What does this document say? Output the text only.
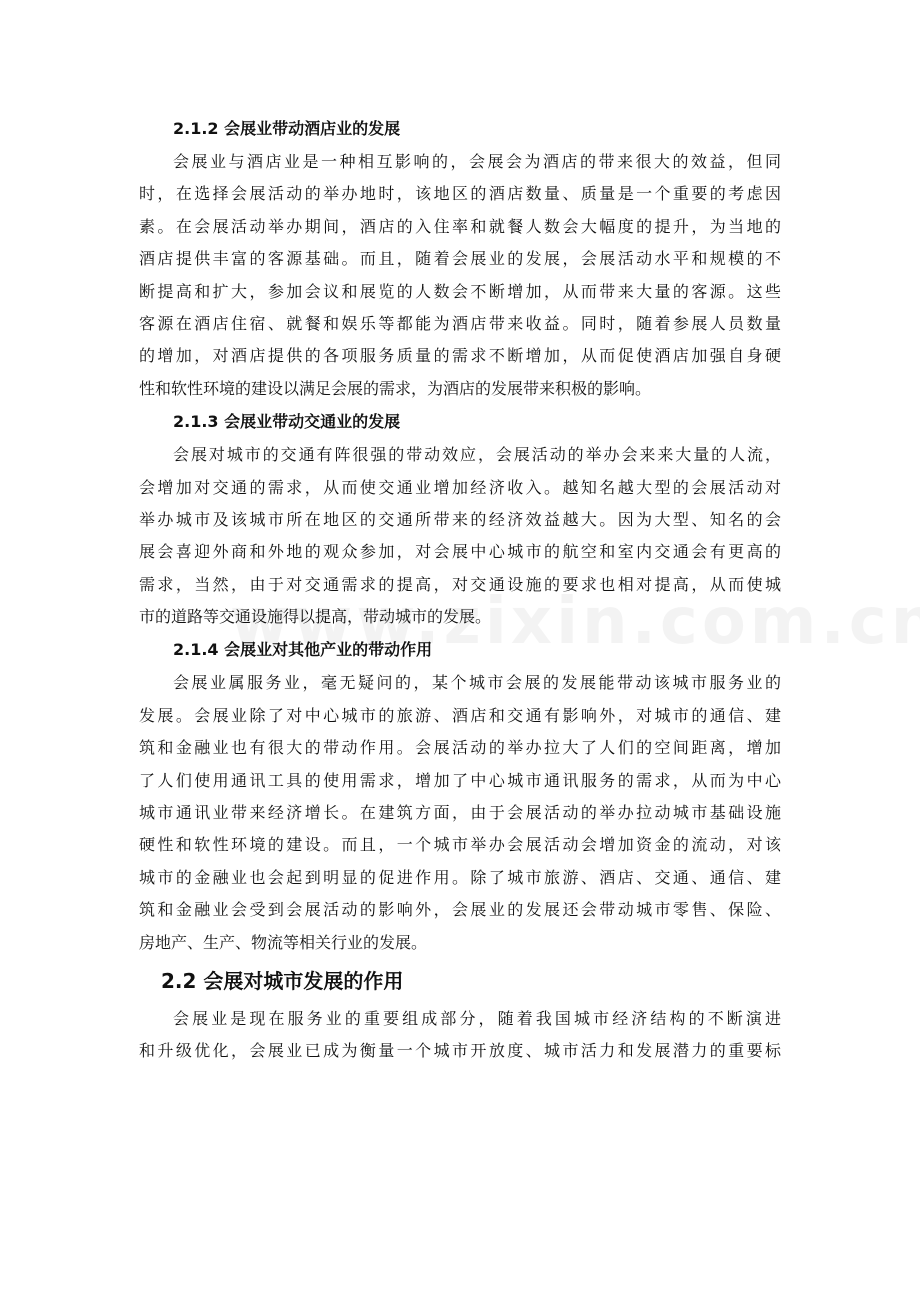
2.1.2 会展业带动酒店业的发展
会展业与酒店业是一种相互影响的，会展会为酒店的带来很大的效益，但同
时，在选择会展活动的举办地时，该地区的酒店数量、质量是一个重要的考虑因
素。在会展活动举办期间，酒店的入住率和就餐人数会大幅度的提升，为当地的
酒店提供丰富的客源基础。而且，随着会展业的发展，会展活动水平和规模的不
断提高和扩大，参加会议和展览的人数会不断增加，从而带来大量的客源。这些
客源在酒店住宿、就餐和娱乐等都能为酒店带来收益。同时，随着参展人员数量
的增加，对酒店提供的各项服务质量的需求不断增加，从而促使酒店加强自身硬
性和软性环境的建设以满足会展的需求，为酒店的发展带来积极的影响。
2.1.3 会展业带动交通业的发展
会展对城市的交通有阵很强的带动效应，会展活动的举办会来来大量的人流，
会增加对交通的需求，从而使交通业增加经济收入。越知名越大型的会展活动对
举办城市及该城市所在地区的交通所带来的经济效益越大。因为大型、知名的会
展会喜迎外商和外地的观众参加，对会展中心城市的航空和室内交通会有更高的
需求，当然，由于对交通需求的提高，对交通设施的要求也相对提高，从而使城
市的道路等交通设施得以提高，带动城市的发展。
2.1.4 会展业对其他产业的带动作用
会展业属服务业，毫无疑问的，某个城市会展的发展能带动该城市服务业的
发展。会展业除了对中心城市的旅游、酒店和交通有影响外，对城市的通信、建
筑和金融业也有很大的带动作用。会展活动的举办拉大了人们的空间距离，增加
了人们使用通讯工具的使用需求，增加了中心城市通讯服务的需求，从而为中心
城市通讯业带来经济增长。在建筑方面，由于会展活动的举办拉动城市基础设施
硬性和软性环境的建设。而且，一个城市举办会展活动会增加资金的流动，对该
城市的金融业也会起到明显的促进作用。除了城市旅游、酒店、交通、通信、建
筑和金融业会受到会展活动的影响外，会展业的发展还会带动城市零售、保险、
房地产、生产、物流等相关行业的发展。
2.2 会展对城市发展的作用
会展业是现在服务业的重要组成部分，随着我国城市经济结构的不断演进
和升级优化，会展业已成为衡量一个城市开放度、城市活力和发展潜力的重要标
